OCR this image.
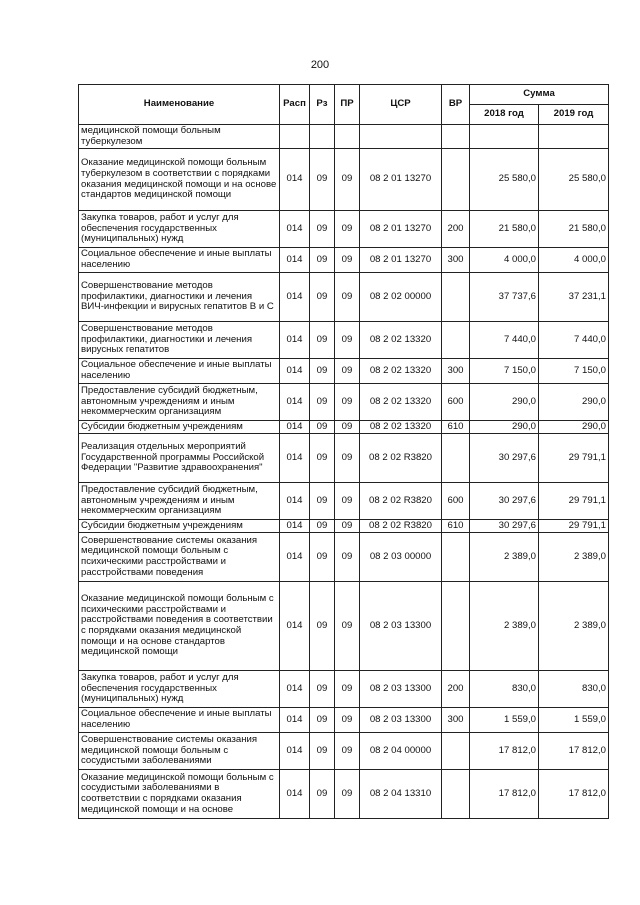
200
Наименование	Расп	Рз	ПР	ЦСР	ВР	Сумма	
						2018 год	2019 год
медицинской помощи больным туберкулезом							
Оказание медицинской помощи больным туберкулезом в соответствии с порядками оказания медицинской помощи и на основе стандартов медицинской помощи	014	09	09	08 2 01 13270		25 580,0	25 580,0
Закупка товаров, работ и услуг для обеспечения государственных (муниципальных) нужд	014	09	09	08 2 01 13270	200	21 580,0	21 580,0
Социальное обеспечение и иные выплаты населению	014	09	09	08 2 01 13270	300	4 000,0	4 000,0
Совершенствование методов профилактики, диагностики и лечения ВИЧ-инфекции и вирусных гепатитов В и С	014	09	09	08 2 02 00000		37 737,6	37 231,1
Совершенствование методов профилактики, диагностики и лечения вирусных гепатитов	014	09	09	08 2 02 13320		7 440,0	7 440,0
Социальное обеспечение и иные выплаты населению	014	09	09	08 2 02 13320	300	7 150,0	7 150,0
Предоставление субсидий бюджетным, автономным учреждениям и иным некоммерческим организациям	014	09	09	08 2 02 13320	600	290,0	290,0
Субсидии бюджетным учреждениям	014	09	09	08 2 02 13320	610	290,0	290,0
Реализация отдельных мероприятий Государственной программы Российской Федерации "Развитие здравоохранения"	014	09	09	08 2 02 R3820		30 297,6	29 791,1
Предоставление субсидий бюджетным, автономным учреждениям и иным некоммерческим организациям	014	09	09	08 2 02 R3820	600	30 297,6	29 791,1
Субсидии бюджетным учреждениям	014	09	09	08 2 02 R3820	610	30 297,6	29 791,1
Совершенствование системы оказания медицинской помощи больным с психическими расстройствами и расстройствами поведения	014	09	09	08 2 03 00000		2 389,0	2 389,0
Оказание медицинской помощи больным с психическими расстройствами и расстройствами поведения в соответствии с порядками оказания медицинской помощи и на основе стандартов медицинской помощи	014	09	09	08 2 03 13300		2 389,0	2 389,0
Закупка товаров, работ и услуг для обеспечения государственных (муниципальных) нужд	014	09	09	08 2 03 13300	200	830,0	830,0
Социальное обеспечение и иные выплаты населению	014	09	09	08 2 03 13300	300	1 559,0	1 559,0
Совершенствование системы оказания медицинской помощи больным с сосудистыми заболеваниями	014	09	09	08 2 04 00000		17 812,0	17 812,0
Оказание медицинской помощи больным с сосудистыми заболеваниями в соответствии с порядками оказания медицинской помощи и на основе	014	09	09	08 2 04 13310		17 812,0	17 812,0
